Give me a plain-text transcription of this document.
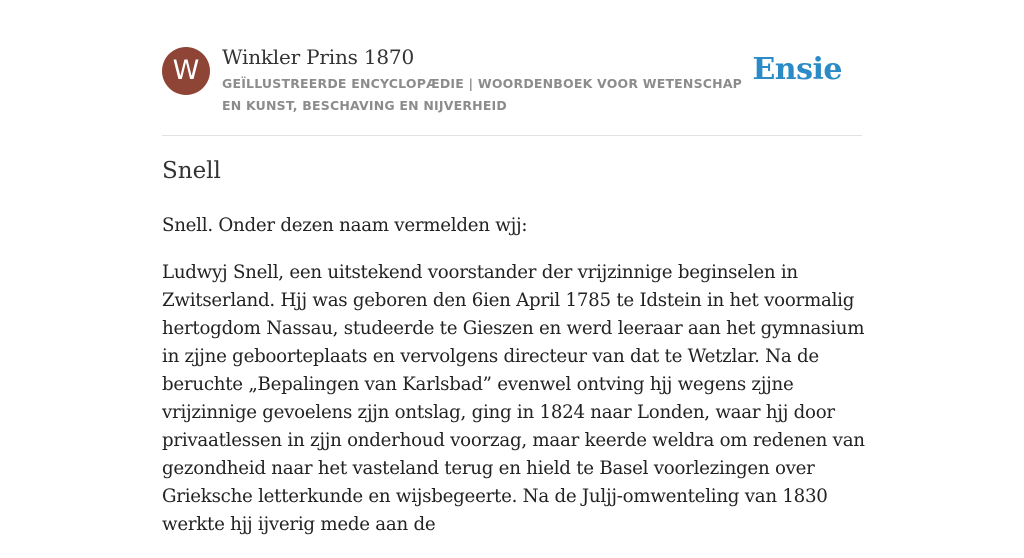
W	Winkler Prins 1870
GEÏLLUSTREERDE ENCYCLOPÆDIE | WOORDENBOEK VOOR WETENSCHAP EN KUNST, BESCHAVING EN NIJVERHEID
Ensie
Snell

Snell. Onder dezen naam vermelden wjj:

Ludwyj Snell, een uitstekend voorstander der vrijzinnige beginselen in Zwitserland. Hjj was geboren den 6ien April 1785 te Idstein in het voormalig hertogdom Nassau, studeerde te Gieszen en werd leeraar aan het gymnasium in zjjne geboorteplaats en vervolgens directeur van dat te Wetzlar. Na de beruchte „Bepalingen van Karlsbad” evenwel ontving hjj wegens zjjne vrijzinnige gevoelens zjjn ontslag, ging in 1824 naar Londen, waar hjj door privaatlessen in zjjn onderhoud voorzag, maar keerde weldra om redenen van gezondheid naar het vasteland terug en hield te Basel voorlezingen over Grieksche letterkunde en wijsbegeerte. Na de Juljj-omwenteling van 1830 werkte hjj ijverig mede aan de
